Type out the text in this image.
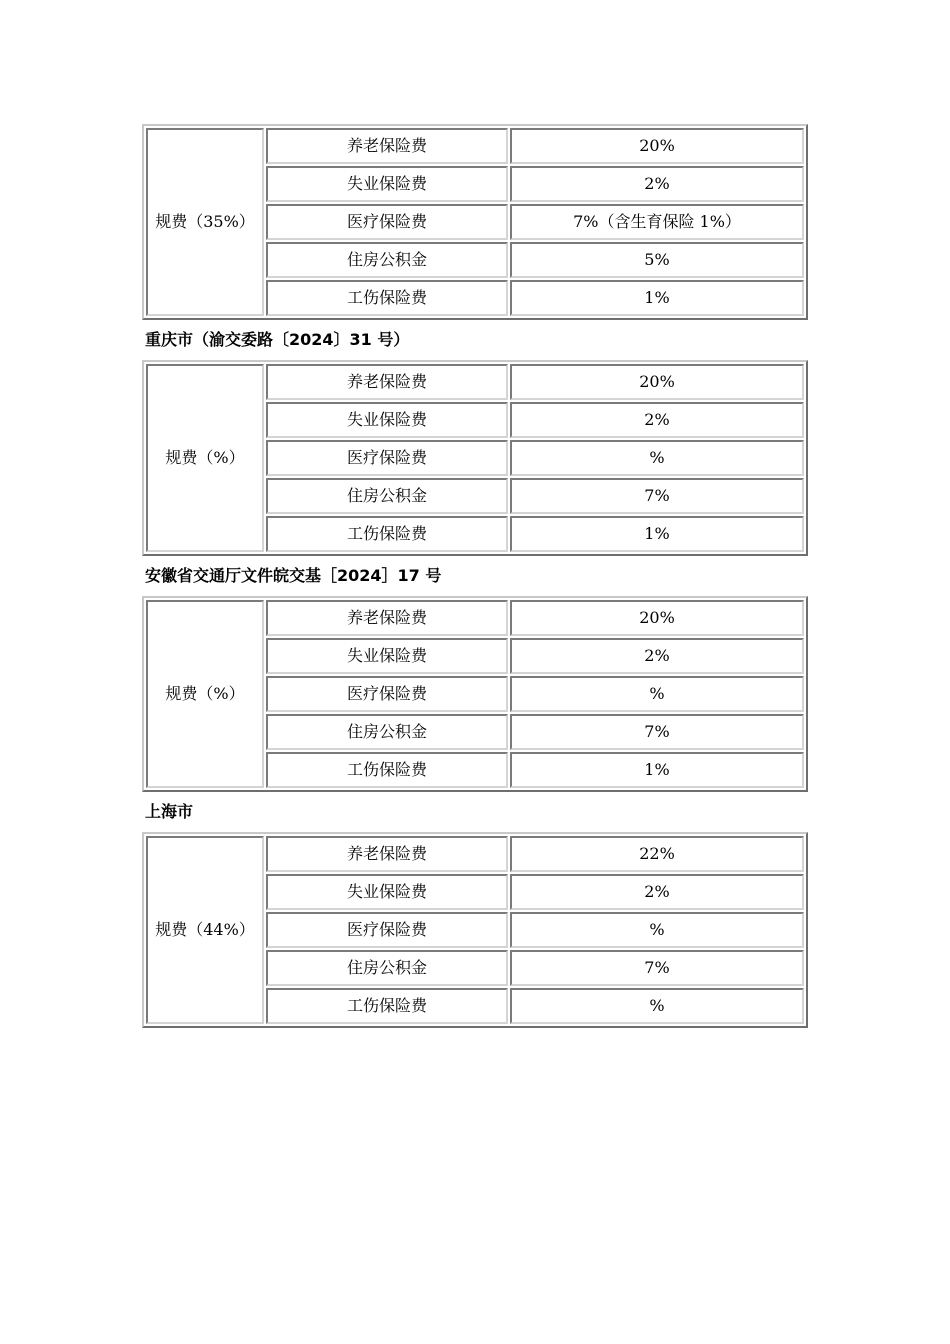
规费（35%）	养老保险费	20%
	失业保险费	2%
	医疗保险费	7%（含生育保险 1%）
	住房公积金	5%
	工伤保险费	1%
重庆市（渝交委路〔2024〕31 号）
规费（%）	养老保险费	20%
	失业保险费	2%
	医疗保险费	%
	住房公积金	7%
	工伤保险费	1%
安徽省交通厅文件皖交基［2024］17 号
规费（%）	养老保险费	20%
	失业保险费	2%
	医疗保险费	%
	住房公积金	7%
	工伤保险费	1%
上海市
规费（44%）	养老保险费	22%
	失业保险费	2%
	医疗保险费	%
	住房公积金	7%
	工伤保险费	%
